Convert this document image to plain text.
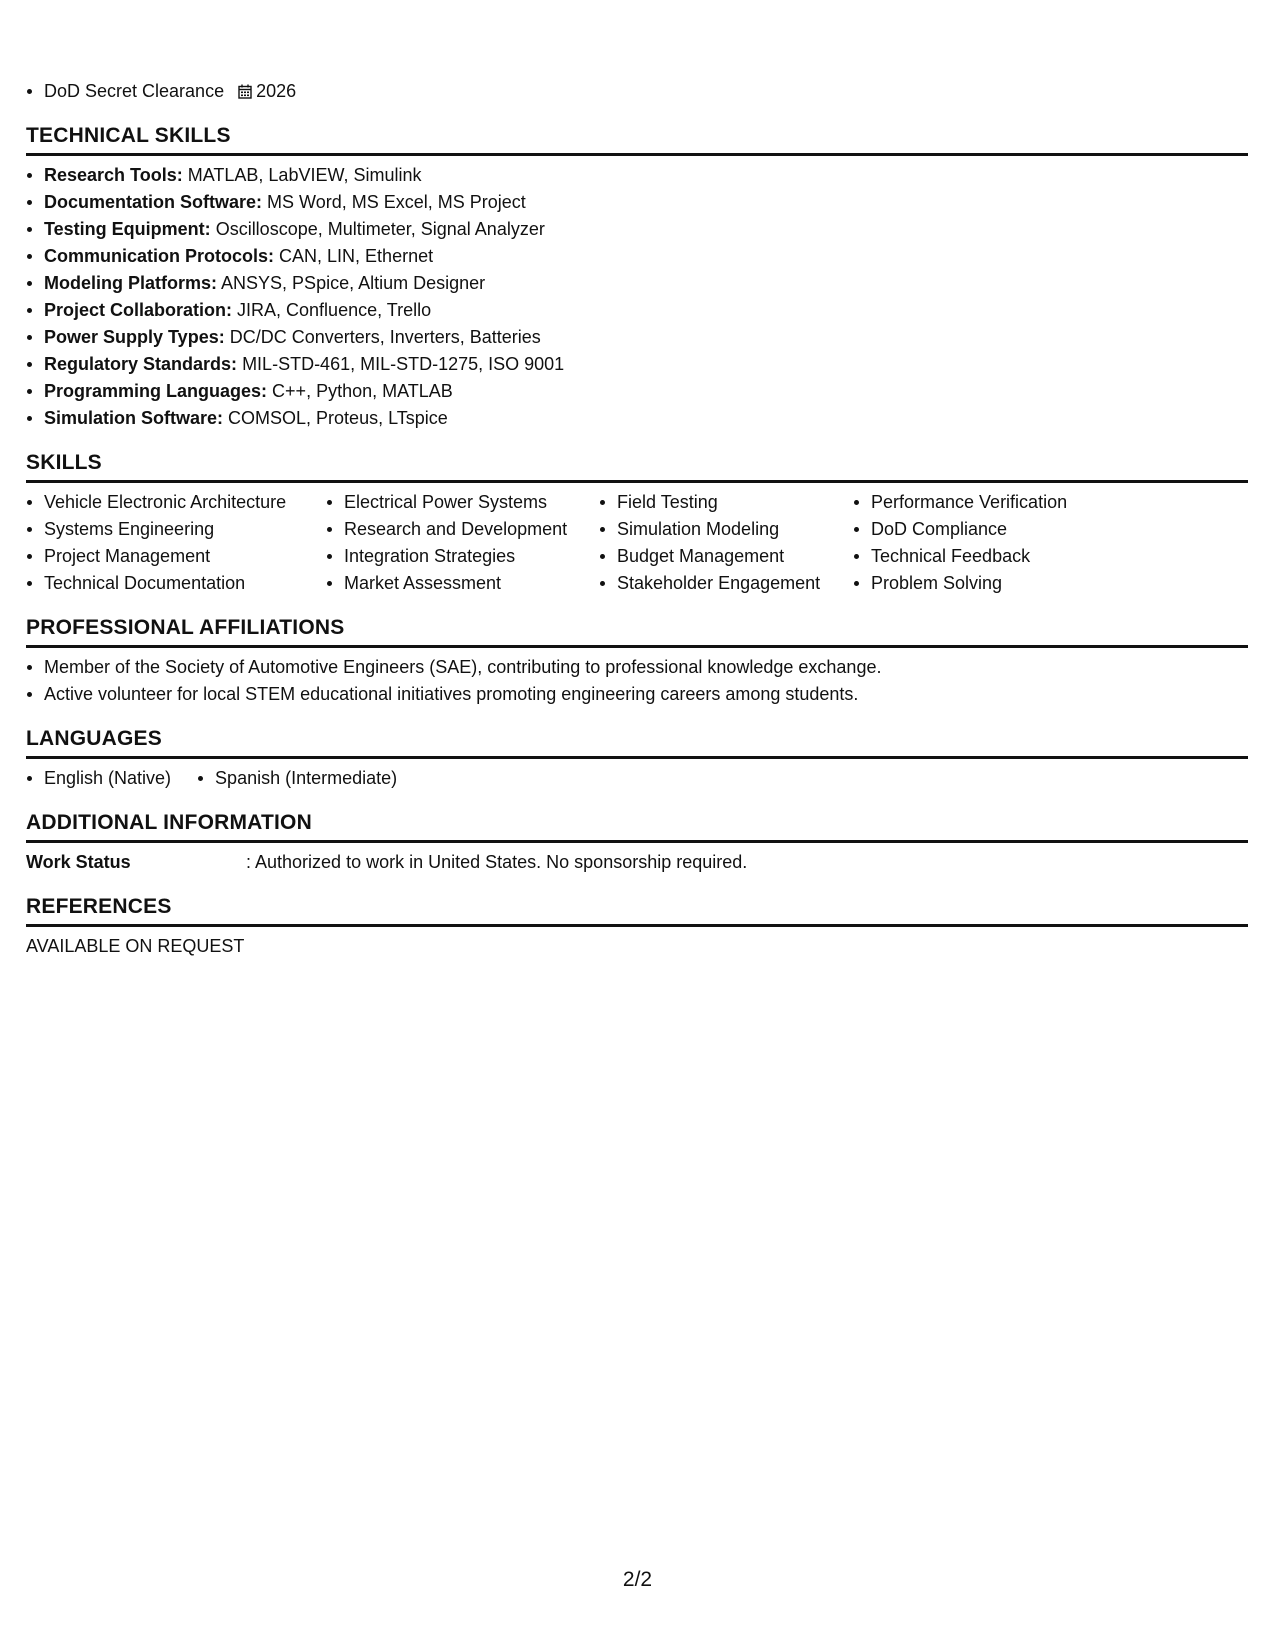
DoD Secret Clearance 2026
TECHNICAL SKILLS
Research Tools: MATLAB, LabVIEW, Simulink
Documentation Software: MS Word, MS Excel, MS Project
Testing Equipment: Oscilloscope, Multimeter, Signal Analyzer
Communication Protocols: CAN, LIN, Ethernet
Modeling Platforms: ANSYS, PSpice, Altium Designer
Project Collaboration: JIRA, Confluence, Trello
Power Supply Types: DC/DC Converters, Inverters, Batteries
Regulatory Standards: MIL-STD-461, MIL-STD-1275, ISO 9001
Programming Languages: C++, Python, MATLAB
Simulation Software: COMSOL, Proteus, LTspice
SKILLS
Vehicle Electronic Architecture
Systems Engineering
Project Management
Technical Documentation
Electrical Power Systems
Research and Development
Integration Strategies
Market Assessment
Field Testing
Simulation Modeling
Budget Management
Stakeholder Engagement
Performance Verification
DoD Compliance
Technical Feedback
Problem Solving
PROFESSIONAL AFFILIATIONS
Member of the Society of Automotive Engineers (SAE), contributing to professional knowledge exchange.
Active volunteer for local STEM educational initiatives promoting engineering careers among students.
LANGUAGES
English (Native)	Spanish (Intermediate)
ADDITIONAL INFORMATION
Work Status	: Authorized to work in United States. No sponsorship required.
REFERENCES
AVAILABLE ON REQUEST
2/2
